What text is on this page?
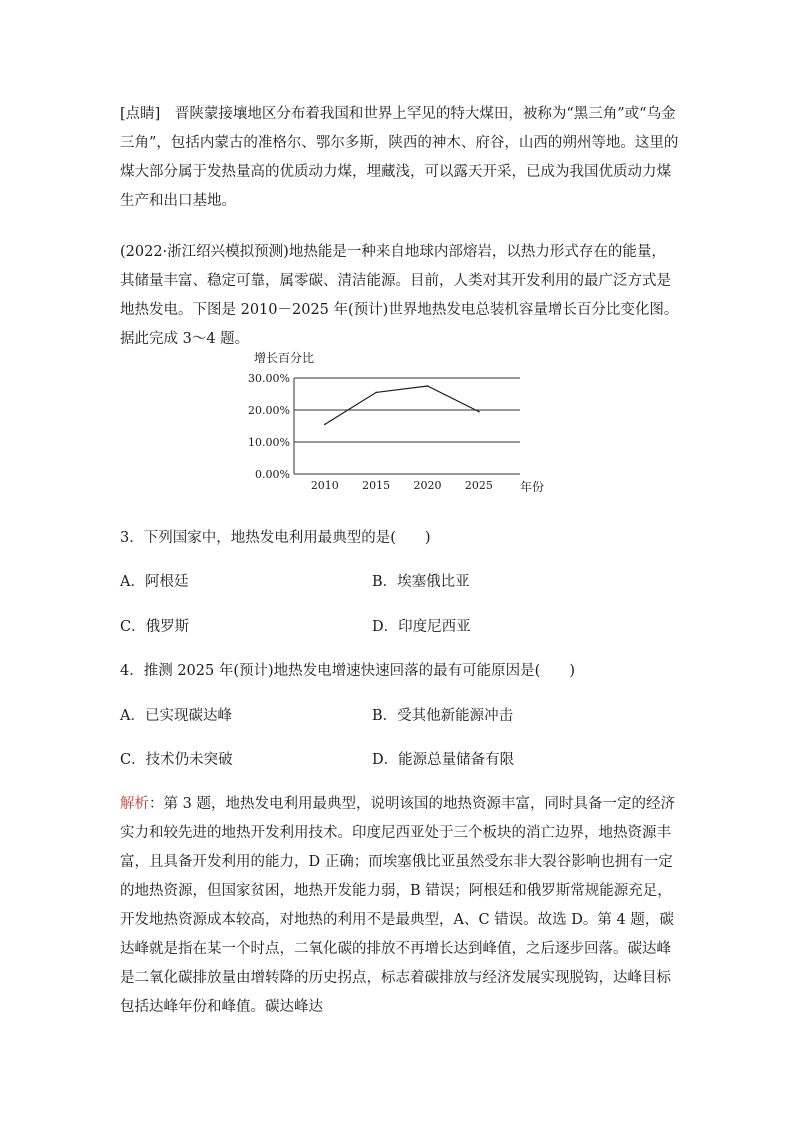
[点睛]　 晋陕蒙接壤地区分布着我国和世界上罕见的特大煤田，被称为“黑三角”或“乌金三角”，包括内蒙古的准格尔、鄂尔多斯，陕西的神木、府谷，山西的朔州等地。这里的煤大部分属于发热量高的优质动力煤，埋藏浅，可以露天开采，已成为我国优质动力煤生产和出口基地。

(2022·浙江绍兴模拟预测)地热能是一种来自地球内部熔岩，以热力形式存在的能量，其储量丰富、稳定可靠，属零碳、清洁能源。目前，人类对其开发利用的最广泛方式是地热发电。下图是 2010－2025 年(预计)世界地热发电总装机容量增长百分比变化图。据此完成 3～4 题。

增长百分比
年份
0.00%
10.00%
20.00%
30.00%
2010 2015 2020 2025

3．下列国家中，地热发电利用最典型的是(　　)

A．阿根廷	B．埃塞俄比亚
C．俄罗斯	D．印度尼西亚

4．推测 2025 年(预计)地热发电增速快速回落的最有可能原因是(　　)

A．已实现碳达峰	B．受其他新能源冲击
C．技术仍未突破	D．能源总量储备有限

解析：第 3 题，地热发电利用最典型，说明该国的地热资源丰富，同时具备一定的经济实力和较先进的地热开发利用技术。印度尼西亚处于三个板块的消亡边界，地热资源丰富，且具备开发利用的能力，D 正确；而埃塞俄比亚虽然受东非大裂谷影响也拥有一定的地热资源，但国家贫困，地热开发能力弱，B 错误；阿根廷和俄罗斯常规能源充足，开发地热资源成本较高，对地热的利用不是最典型，A、C 错误。故选 D。第 4 题，碳达峰就是指在某一个时点，二氧化碳的排放不再增长达到峰值，之后逐步回落。碳达峰是二氧化碳排放量由增转降的历史拐点，标志着碳排放与经济发展实现脱钩，达峰目标包括达峰年份和峰值。碳达峰达
